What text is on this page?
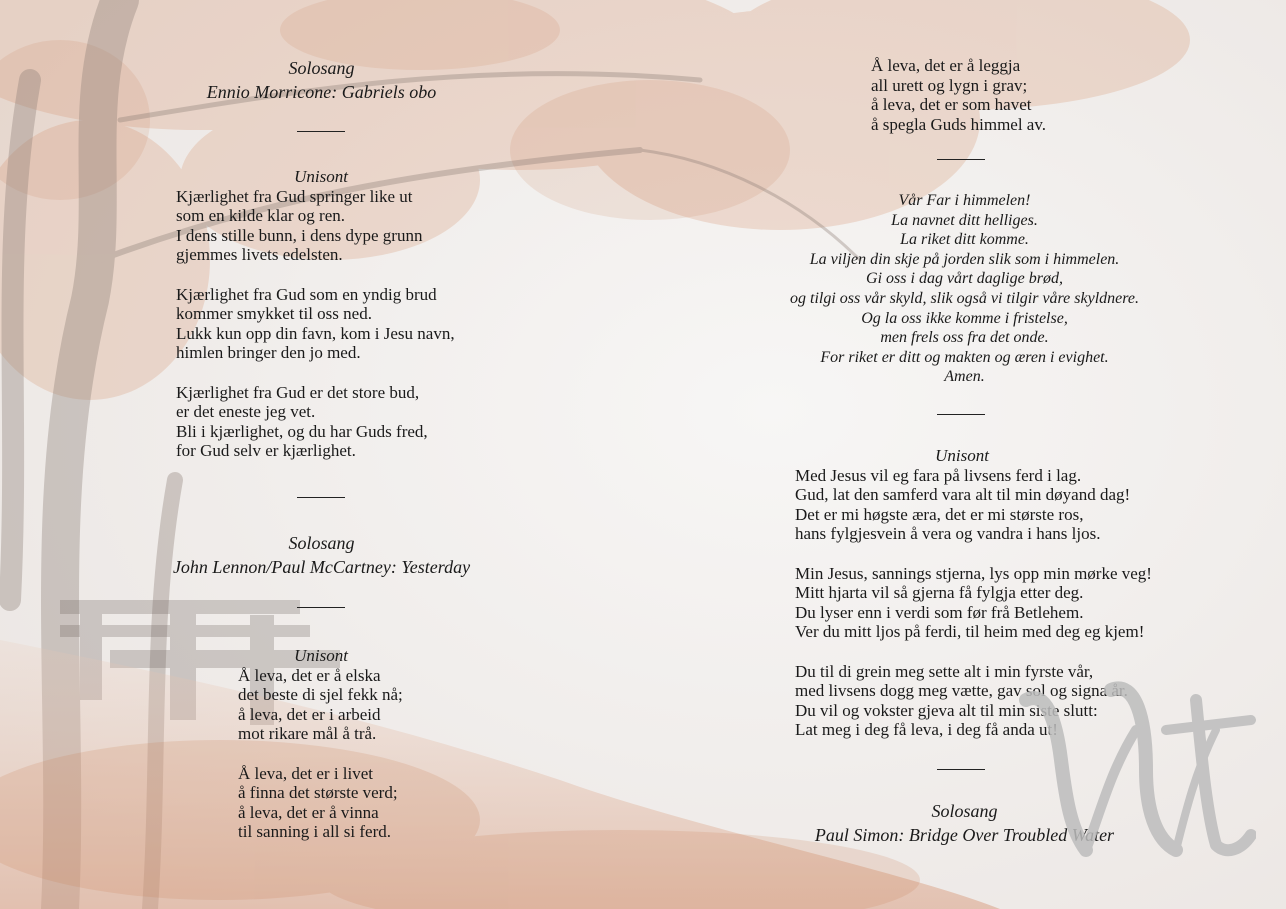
Solosang
Ennio Morricone: Gabriels obo
Unisont
Kjærlighet fra Gud springer like ut
som en kilde klar og ren.
I dens stille bunn, i dens dype grunn
gjemmes livets edelsten.
Kjærlighet fra Gud som en yndig brud
kommer smykket til oss ned.
Lukk kun opp din favn, kom i Jesu navn,
himlen bringer den jo med.
Kjærlighet fra Gud er det store bud,
er det eneste jeg vet.
Bli i kjærlighet, og du har Guds fred,
for Gud selv er kjærlighet.
Solosang
John Lennon/Paul McCartney: Yesterday
Unisont
Å leva, det er å elska
det beste di sjel fekk nå;
å leva, det er i arbeid
mot rikare mål å trå.
Å leva, det er i livet
å finna det største verd;
å leva, det er å vinna
til sanning i all si ferd.
Å leva, det er å leggja
all urett og lygn i grav;
å leva, det er som havet
å spegla Guds himmel av.
Vår Far i himmelen!
La navnet ditt helliges.
La riket ditt komme.
La viljen din skje på jorden slik som i himmelen.
Gi oss i dag vårt daglige brød,
og tilgi oss vår skyld, slik også vi tilgir våre skyldnere.
Og la oss ikke komme i fristelse,
men frels oss fra det onde.
For riket er ditt og makten og æren i evighet.
Amen.
Unisont
Med Jesus vil eg fara på livsens ferd i lag.
Gud, lat den samferd vara alt til min døyand dag!
Det er mi høgste æra, det er mi største ros,
hans fylgjesvein å vera og vandra i hans ljos.
Min Jesus, sannings stjerna, lys opp min mørke veg!
Mitt hjarta vil så gjerna få fylgja etter deg.
Du lyser enn i verdi som før frå Betlehem.
Ver du mitt ljos på ferdi, til heim med deg eg kjem!
Du til di grein meg sette alt i min fyrste vår,
med livsens dogg meg vætte, gav sol og signa år.
Du vil og vokster gjeva alt til min siste slutt:
Lat meg i deg få leva, i deg få anda ut!
Solosang
Paul Simon: Bridge Over Troubled Water
